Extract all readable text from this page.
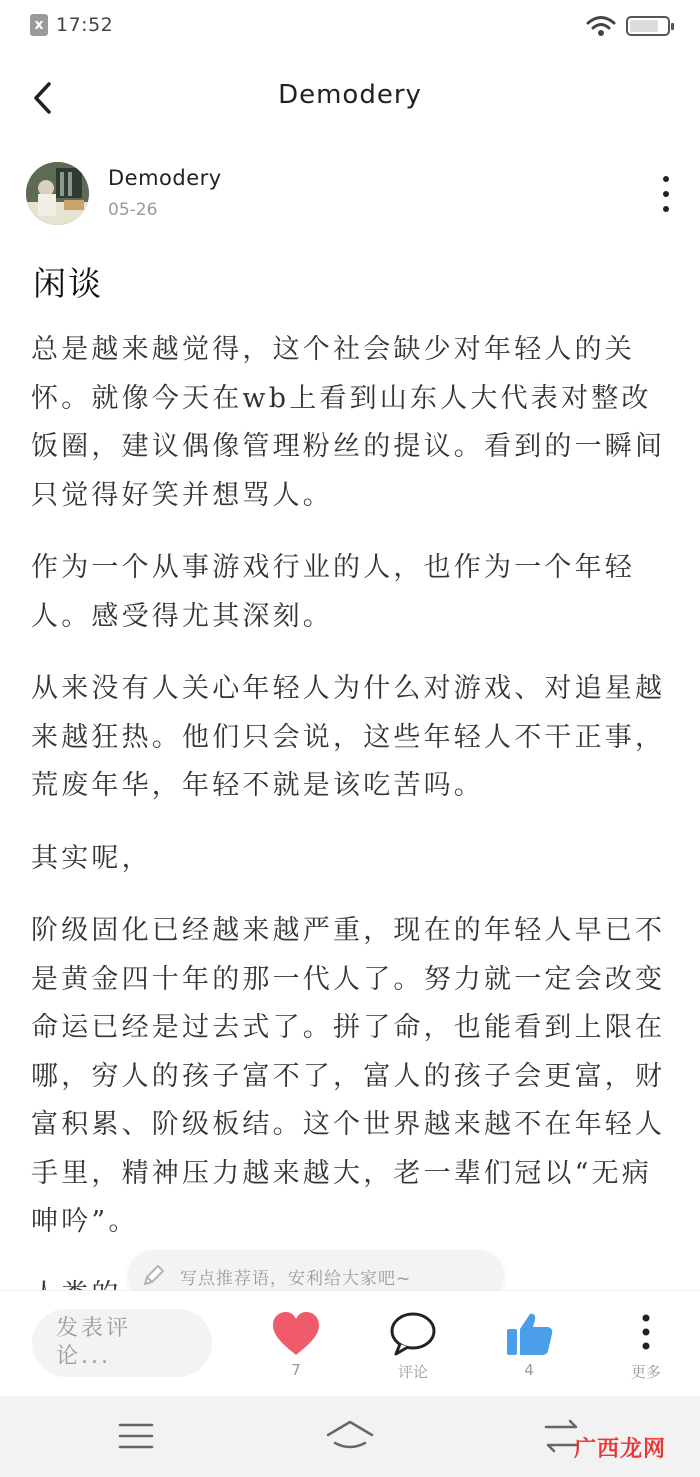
x 17:52
Demodery
Demodery
05-26
闲谈

总是越来越觉得，这个社会缺少对年轻人的关怀。就像今天在wb上看到山东人大代表对整改饭圈，建议偶像管理粉丝的提议。看到的一瞬间只觉得好笑并想骂人。

作为一个从事游戏行业的人，也作为一个年轻人。感受得尤其深刻。

从来没有人关心年轻人为什么对游戏、对追星越来越狂热。他们只会说，这些年轻人不干正事，荒废年华，年轻不就是该吃苦吗。

其实呢，

阶级固化已经越来越严重，现在的年轻人早已不是黄金四十年的那一代人了。努力就一定会改变命运已经是过去式了。拼了命，也能看到上限在哪，穷人的孩子富不了，富人的孩子会更富，财富积累、阶级板结。这个世界越来越不在年轻人手里，精神压力越来越大，老一辈们冠以“无病呻吟”。

写点推荐语，安利给大家吧~
发表评论...
7	评论	4	更多
广西龙网
